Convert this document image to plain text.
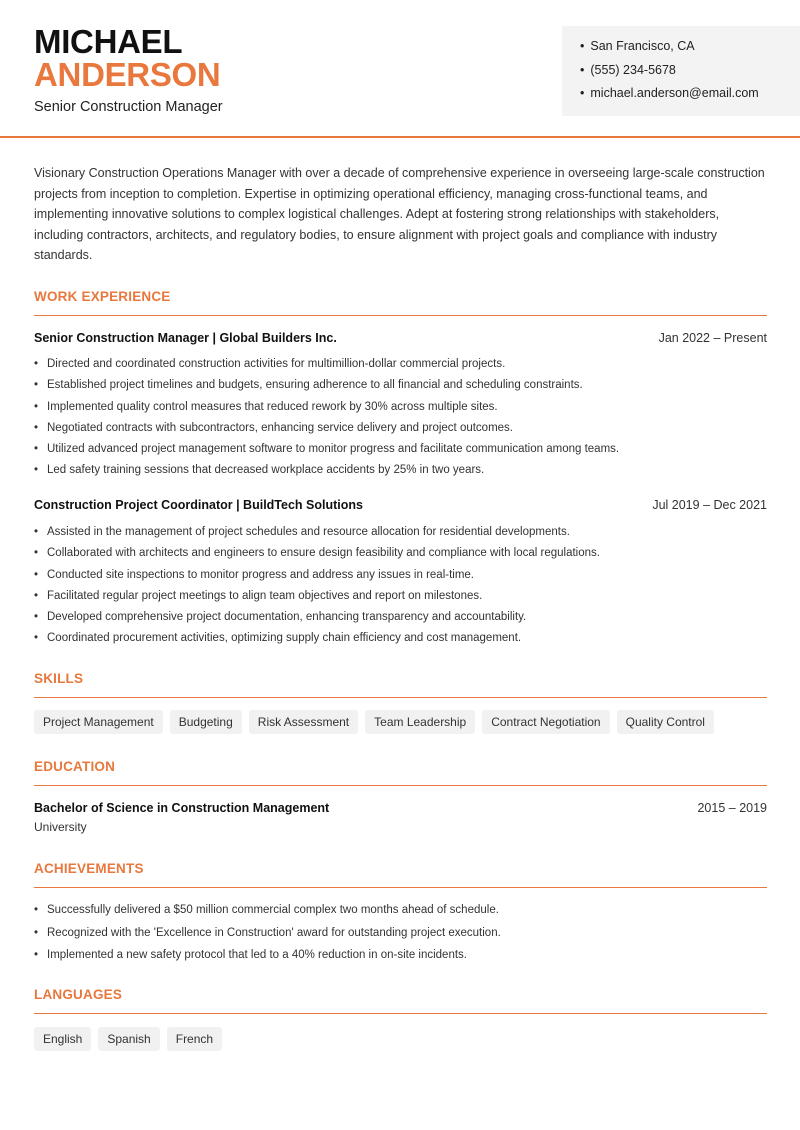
MICHAEL
ANDERSON
Senior Construction Manager
• San Francisco, CA
• (555) 234-5678
• michael.anderson@email.com
Visionary Construction Operations Manager with over a decade of comprehensive experience in overseeing large-scale construction projects from inception to completion. Expertise in optimizing operational efficiency, managing cross-functional teams, and implementing innovative solutions to complex logistical challenges. Adept at fostering strong relationships with stakeholders, including contractors, architects, and regulatory bodies, to ensure alignment with project goals and compliance with industry standards.
WORK EXPERIENCE
Senior Construction Manager | Global Builders Inc.	Jan 2022 – Present
• Directed and coordinated construction activities for multimillion-dollar commercial projects.
• Established project timelines and budgets, ensuring adherence to all financial and scheduling constraints.
• Implemented quality control measures that reduced rework by 30% across multiple sites.
• Negotiated contracts with subcontractors, enhancing service delivery and project outcomes.
• Utilized advanced project management software to monitor progress and facilitate communication among teams.
• Led safety training sessions that decreased workplace accidents by 25% in two years.
Construction Project Coordinator | BuildTech Solutions	Jul 2019 – Dec 2021
• Assisted in the management of project schedules and resource allocation for residential developments.
• Collaborated with architects and engineers to ensure design feasibility and compliance with local regulations.
• Conducted site inspections to monitor progress and address any issues in real-time.
• Facilitated regular project meetings to align team objectives and report on milestones.
• Developed comprehensive project documentation, enhancing transparency and accountability.
• Coordinated procurement activities, optimizing supply chain efficiency and cost management.
SKILLS
Project Management	Budgeting	Risk Assessment	Team Leadership	Contract Negotiation	Quality Control
EDUCATION
Bachelor of Science in Construction Management	2015 – 2019
University
ACHIEVEMENTS
• Successfully delivered a $50 million commercial complex two months ahead of schedule.
• Recognized with the 'Excellence in Construction' award for outstanding project execution.
• Implemented a new safety protocol that led to a 40% reduction in on-site incidents.
LANGUAGES
English	Spanish	French
